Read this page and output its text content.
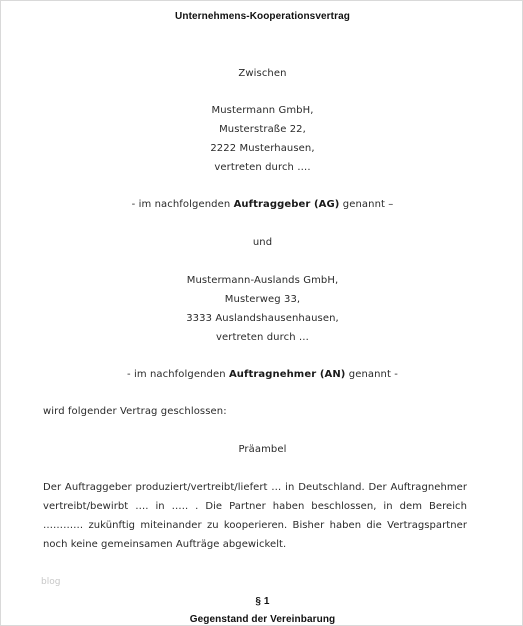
Unternehmens-Kooperationsvertrag
Zwischen
Mustermann GmbH,
Musterstraße 22,
2222 Musterhausen,
vertreten durch ….
- im nachfolgenden Auftraggeber (AG) genannt –
und
Mustermann-Auslands GmbH,
Musterweg 33,
3333 Auslandshausenhausen,
vertreten durch …
- im nachfolgenden Auftragnehmer (AN) genannt -
wird folgender Vertrag geschlossen:
Präambel
Der Auftraggeber produziert/vertreibt/liefert … in Deutschland. Der Auftragnehmer vertreibt/bewirbt …. in ….. . Die Partner haben beschlossen, in dem Bereich ………… zukünftig miteinander zu kooperieren. Bisher haben die Vertragspartner noch keine gemeinsamen Aufträge abgewickelt.
blog
§ 1
Gegenstand der Vereinbarung
